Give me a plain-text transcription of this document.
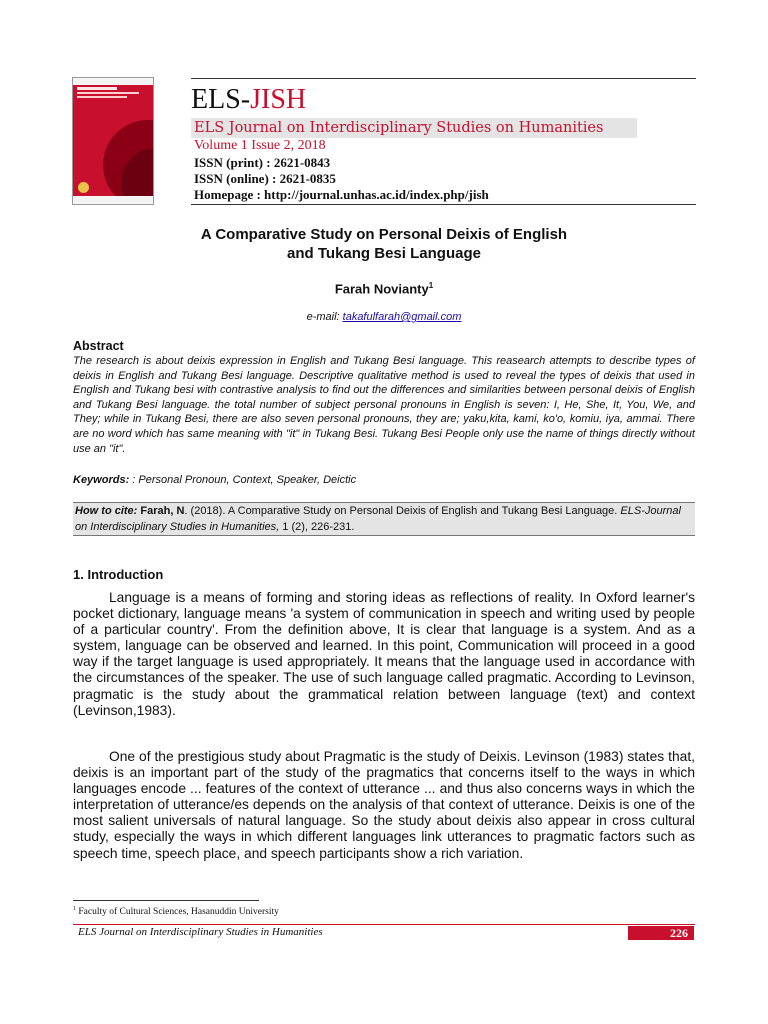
ELS-JISH
ELS Journal on Interdisciplinary Studies on Humanities
Volume 1 Issue 2, 2018
ISSN (print) : 2621-0843
ISSN (online) : 2621-0835
Homepage : http://journal.unhas.ac.id/index.php/jish
A Comparative Study on Personal Deixis of English
and Tukang Besi Language
Farah Novianty$^1$
e-mail: takafulfarah@gmail.com
Abstract
The research is about deixis expression in English and Tukang Besi language. This reasearch attempts to describe types of deixis in English and Tukang Besi language. Descriptive qualitative method is used to reveal the types of deixis that used in English and Tukang besi with contrastive analysis to find out the differences and similarities between personal deixis of English and Tukang Besi language. the total number of subject personal pronouns in English is seven: I, He, She, It, You, We, and They; while in Tukang Besi, there are also seven personal pronouns, they are; yaku,kita, kami, ko'o, komiu, iya, ammai. There are no word which has same meaning with "it" in Tukang Besi. Tukang Besi People only use the name of things directly without use an "it".
Keywords: : Personal Pronoun, Context, Speaker, Deictic
How to cite: Farah, N. (2018). A Comparative Study on Personal Deixis of English and Tukang Besi Language. ELS-Journal on Interdisciplinary Studies in Humanities, 1 (2), 226-231.
1. Introduction
Language is a means of forming and storing ideas as reflections of reality. In Oxford learner's pocket dictionary, language means 'a system of communication in speech and writing used by people of a particular country'. From the definition above, It is clear that language is a system. And as a system, language can be observed and learned. In this point, Communication will proceed in a good way if the target language is used appropriately. It means that the language used in accordance with the circumstances of the speaker. The use of such language called pragmatic. According to Levinson, pragmatic is the study about the grammatical relation between language (text) and context (Levinson,1983).
One of the prestigious study about Pragmatic is the study of Deixis. Levinson (1983) states that, deixis is an important part of the study of the pragmatics that concerns itself to the ways in which languages encode ... features of the context of utterance ... and thus also concerns ways in which the interpretation of utterance/es depends on the analysis of that context of utterance. Deixis is one of the most salient universals of natural language. So the study about deixis also appear in cross cultural study, especially the ways in which different languages link utterances to pragmatic factors such as speech time, speech place, and speech participants show a rich variation.
$^1$ Faculty of Cultural Sciences, Hasanuddin University
ELS Journal on Interdisciplinary Studies in Humanities	226
